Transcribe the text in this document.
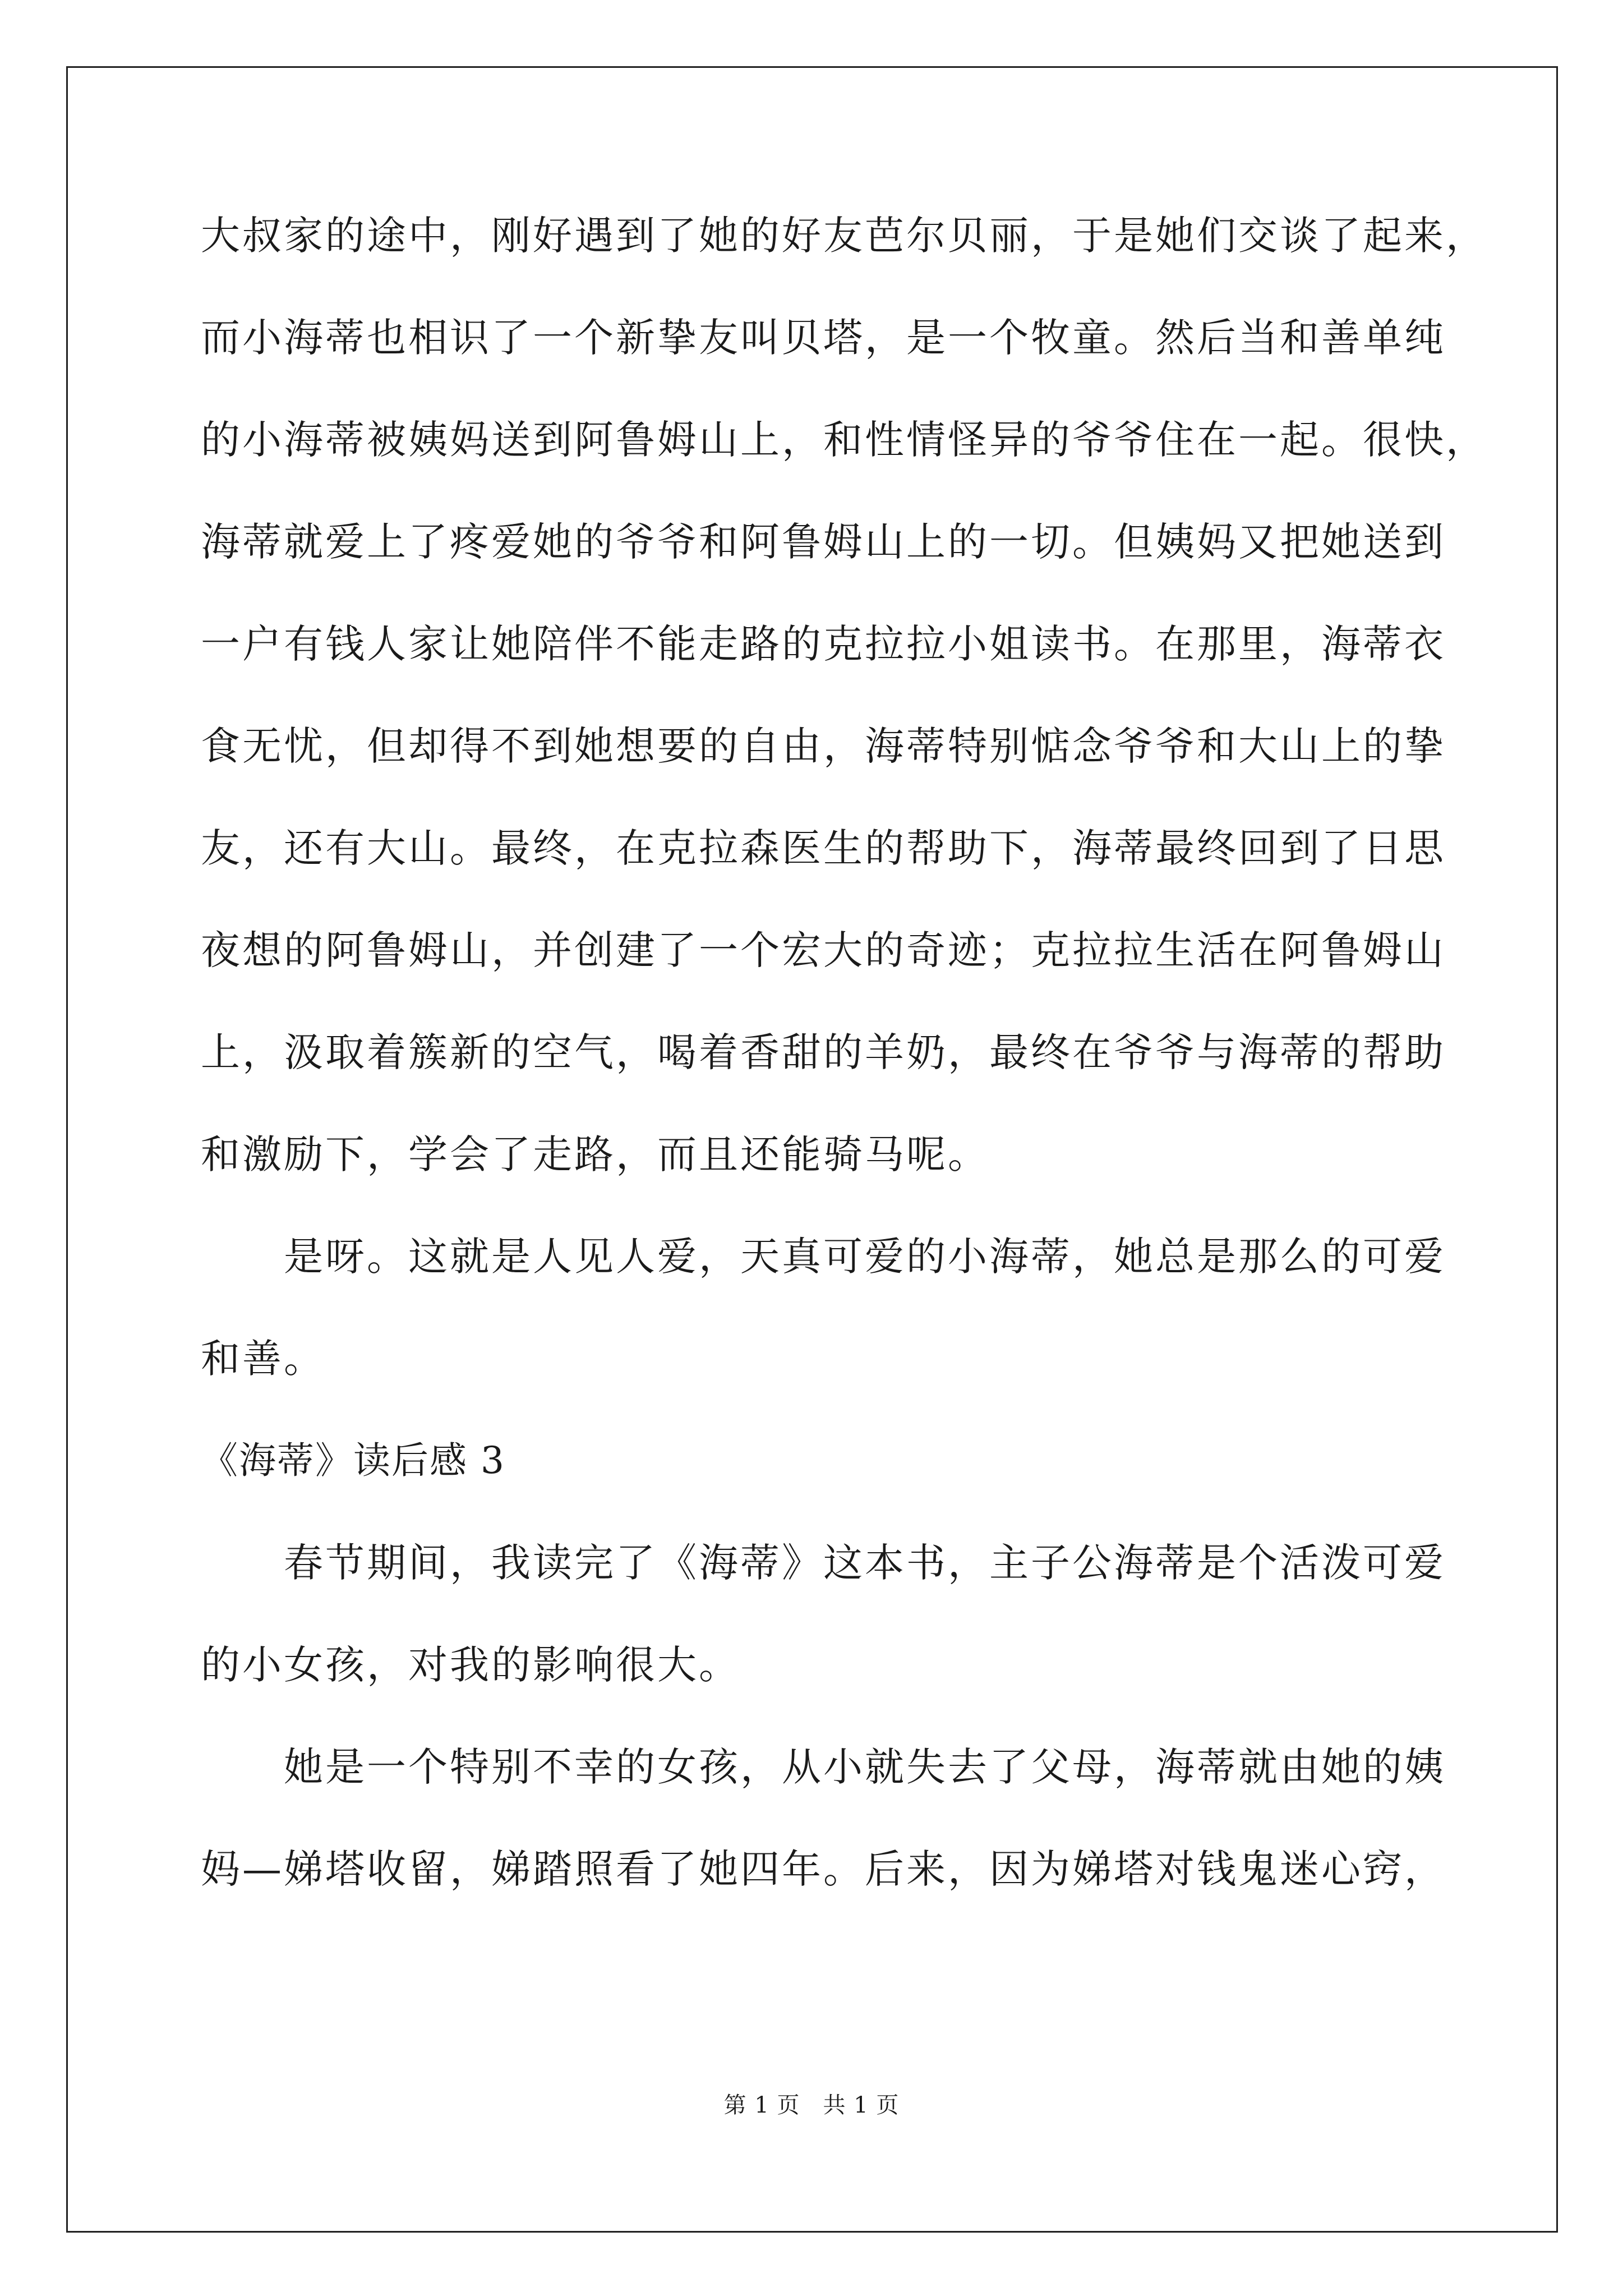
大叔家的途中，刚好遇到了她的好友芭尔贝丽，于是她们交谈了起来，
而小海蒂也相识了一个新挚友叫贝塔，是一个牧童。然后当和善单纯
的小海蒂被姨妈送到阿鲁姆山上，和性情怪异的爷爷住在一起。很快，
海蒂就爱上了疼爱她的爷爷和阿鲁姆山上的一切。但姨妈又把她送到
一户有钱人家让她陪伴不能走路的克拉拉小姐读书。在那里，海蒂衣
食无忧，但却得不到她想要的自由，海蒂特别惦念爷爷和大山上的挚
友，还有大山。最终，在克拉森医生的帮助下，海蒂最终回到了日思
夜想的阿鲁姆山，并创建了一个宏大的奇迹；克拉拉生活在阿鲁姆山
上，汲取着簇新的空气，喝着香甜的羊奶，最终在爷爷与海蒂的帮助
和激励下，学会了走路，而且还能骑马呢。
　　是呀。这就是人见人爱，天真可爱的小海蒂，她总是那么的可爱
和善。
《海蒂》读后感 3
　　春节期间，我读完了《海蒂》这本书，主子公海蒂是个活泼可爱
的小女孩，对我的影响很大。
　　她是一个特别不幸的女孩，从小就失去了父母，海蒂就由她的姨
妈—娣塔收留，娣踏照看了她四年。后来，因为娣塔对钱鬼迷心窍，
第 1 页　共 1 页
